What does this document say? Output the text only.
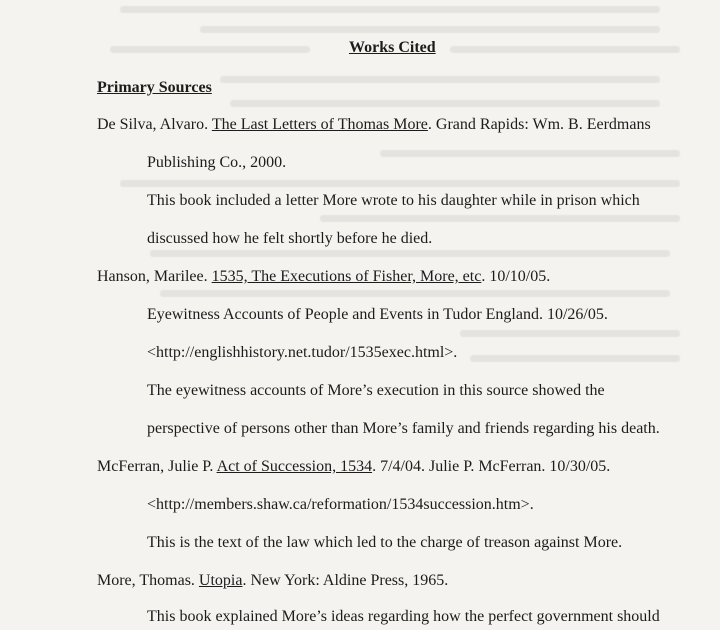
Works Cited
Primary Sources
De Silva, Alvaro. The Last Letters of Thomas More. Grand Rapids: Wm. B. Eerdmans
Publishing Co., 2000.
This book included a letter More wrote to his daughter while in prison which
discussed how he felt shortly before he died.
Hanson, Marilee. 1535, The Executions of Fisher, More, etc. 10/10/05.
Eyewitness Accounts of People and Events in Tudor England. 10/26/05.
<http://englishhistory.net.tudor/1535exec.html>.
The eyewitness accounts of More’s execution in this source showed the
perspective of persons other than More’s family and friends regarding his death.
McFerran, Julie P. Act of Succession, 1534. 7/4/04. Julie P. McFerran. 10/30/05.
<http://members.shaw.ca/reformation/1534succession.htm>.
This is the text of the law which led to the charge of treason against More.
More, Thomas. Utopia. New York: Aldine Press, 1965.
This book explained More’s ideas regarding how the perfect government should
